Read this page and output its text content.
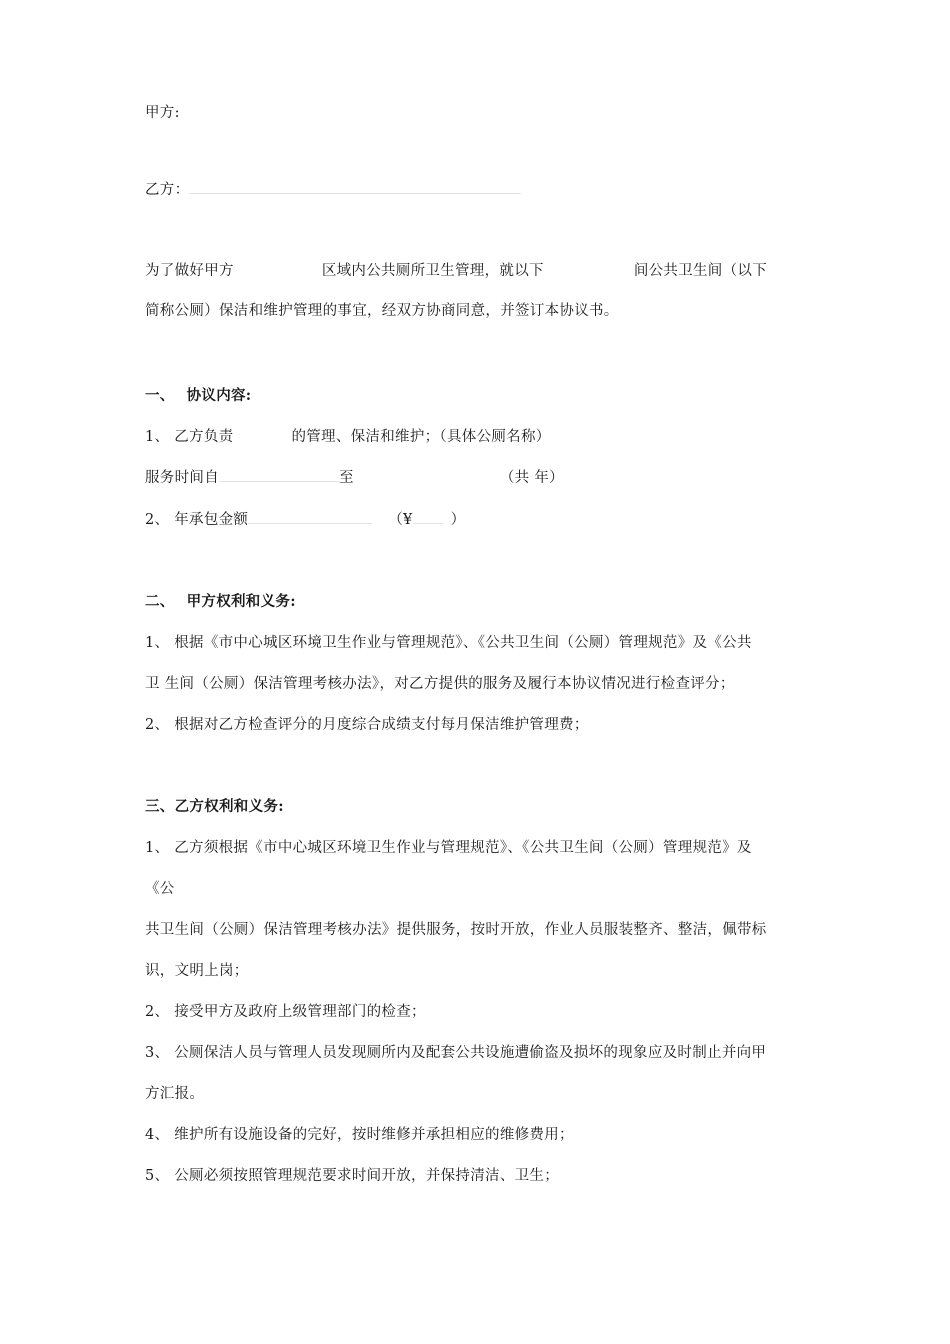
甲方:
乙方：
为了做好甲方	区域内公共厕所卫生管理，就以下	间公共卫生间（以下
简称公厕）保洁和维护管理的事宜，经双方协商同意，并签订本协议书。
一、 协议内容:
1、 乙方负责	的管理、保洁和维护；（具体公厕名称）
服务时间自	至	（共 年）
2、 年承包金额	（¥	）
二、 甲方权利和义务:
1、 根据《市中心城区环境卫生作业与管理规范》、《公共卫生间（公厕）管理规范》及《公共
卫 生间（公厕）保洁管理考核办法》，对乙方提供的服务及履行本协议情况进行检查评分；
2、 根据对乙方检查评分的月度综合成绩支付每月保洁维护管理费；
三、乙方权利和义务:
1、 乙方须根据《市中心城区环境卫生作业与管理规范》、《公共卫生间（公厕）管理规范》及
《公
共卫生间（公厕）保洁管理考核办法》提供服务，按时开放，作业人员服装整齐、整洁，佩带标
识，文明上岗；
2、 接受甲方及政府上级管理部门的检查；
3、 公厕保洁人员与管理人员发现厕所内及配套公共设施遭偷盗及损坏的现象应及时制止并向甲
方汇报。
4、 维护所有设施设备的完好，按时维修并承担相应的维修费用；
5、 公厕必须按照管理规范要求时间开放，并保持清洁、卫生；
